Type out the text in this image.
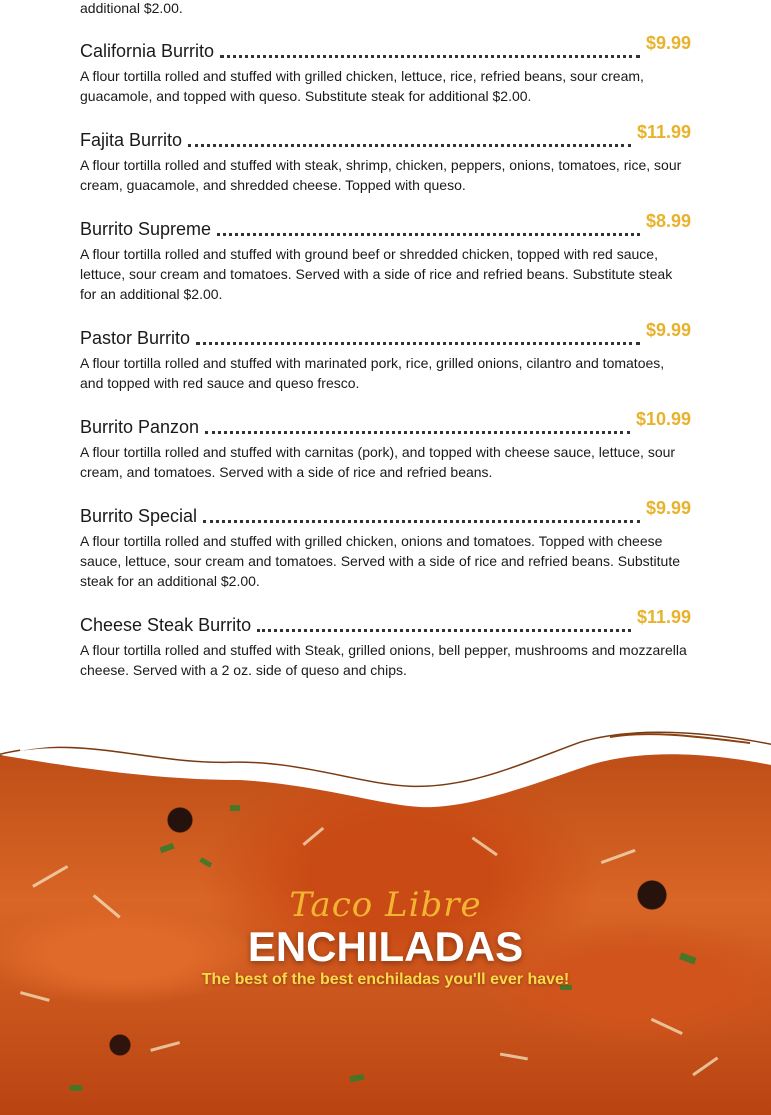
additional $2.00.

California Burrito	$9.99
A flour tortilla rolled and stuffed with grilled chicken, lettuce, rice, refried beans, sour cream, guacamole, and topped with queso. Substitute steak for additional $2.00.
Fajita Burrito	$11.99
A flour tortilla rolled and stuffed with steak, shrimp, chicken, peppers, onions, tomatoes, rice, sour cream, guacamole, and shredded cheese. Topped with queso.
Burrito Supreme	$8.99
A flour tortilla rolled and stuffed with ground beef or shredded chicken, topped with red sauce, lettuce, sour cream and tomatoes. Served with a side of rice and refried beans. Substitute steak for an additional $2.00.
Pastor Burrito	$9.99
A flour tortilla rolled and stuffed with marinated pork, rice, grilled onions, cilantro and tomatoes, and topped with red sauce and queso fresco.
Burrito Panzon	$10.99
A flour tortilla rolled and stuffed with carnitas (pork), and topped with cheese sauce, lettuce, sour cream, and tomatoes. Served with a side of rice and refried beans.
Burrito Special	$9.99
A flour tortilla rolled and stuffed with grilled chicken, onions and tomatoes. Topped with cheese sauce, lettuce, sour cream and tomatoes. Served with a side of rice and refried beans. Substitute steak for an additional $2.00.
Cheese Steak Burrito	$11.99
A flour tortilla rolled and stuffed with Steak, grilled onions, bell pepper, mushrooms and mozzarella cheese. Served with a 2 oz. side of queso and chips.
Taco Libre
ENCHILADAS
The best of the best enchiladas you'll ever have!
